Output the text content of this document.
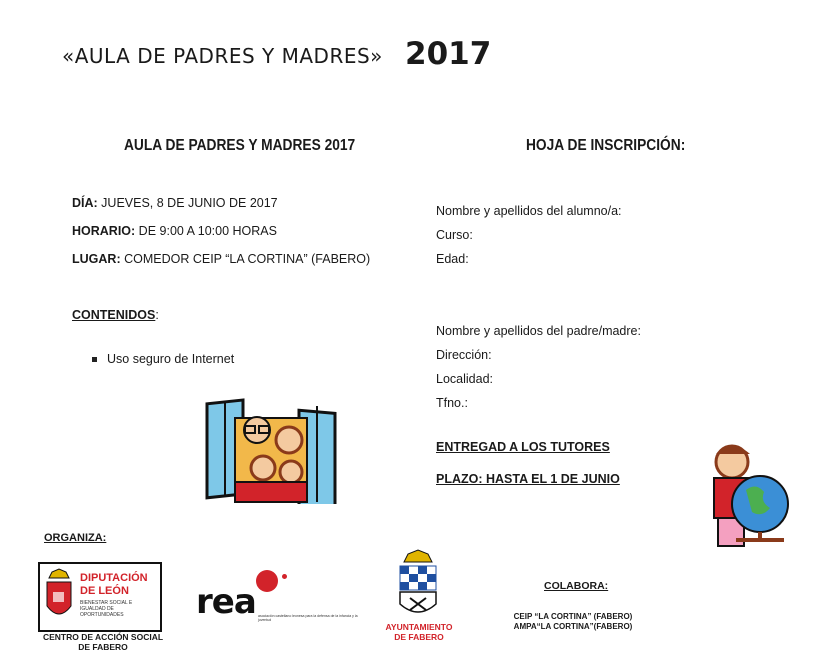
«AULA DE PADRES Y MADRES» 2017
AULA DE PADRES Y MADRES 2017
DÍA: JUEVES, 8 DE JUNIO DE 2017
HORARIO: DE 9:00 A 10:00 HORAS
LUGAR: COMEDOR CEIP “LA CORTINA” (FABERO)
CONTENIDOS:
Uso seguro de Internet
HOJA DE INSCRIPCIÓN:
Nombre y apellidos del alumno/a:
Curso:
Edad:
Nombre y apellidos del padre/madre:
Dirección:
Localidad:
Tfno.:
ENTREGAD A LOS TUTORES
PLAZO: HASTA EL 1 DE JUNIO
ORGANIZA:
DIPUTACIÓN
DE LEÓN
BIENESTAR SOCIAL E IGUALDAD DE OPORTUNIDADES
CENTRO DE ACCIÓN SOCIAL
DE FABERO
rea asociación castellano leonesa para la defensa de la infancia y la juventud
AYUNTAMIENTO
DE FABERO
COLABORA:
CEIP “LA CORTINA” (FABERO)
AMPA“LA CORTINA”(FABERO)
